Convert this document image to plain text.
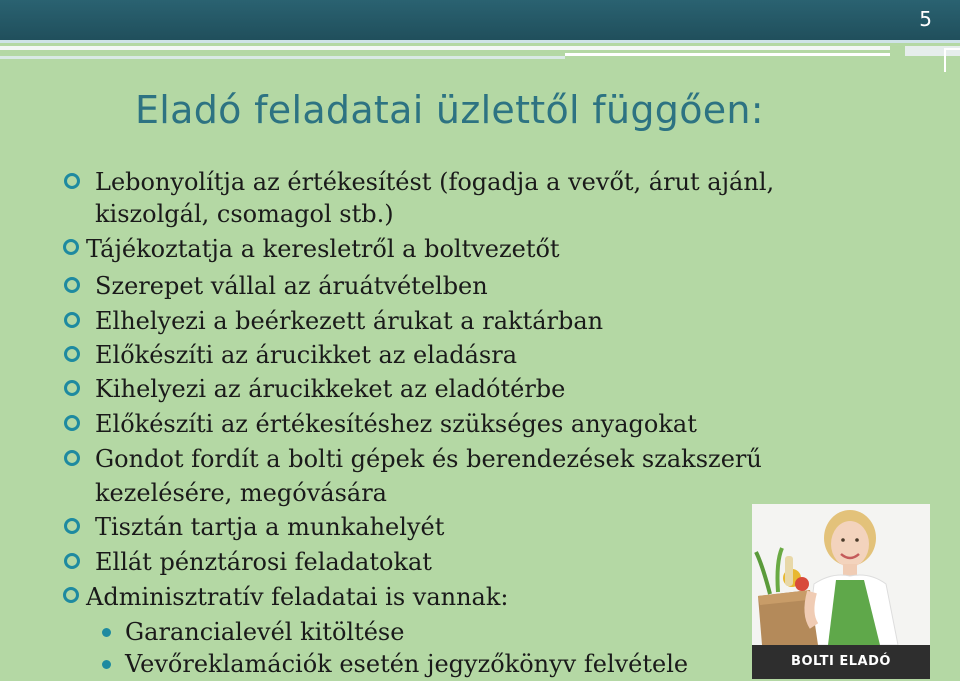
5
Eladó feladatai üzlettől függően:
Lebonyolítja az értékesítést (fogadja a vevőt, árut ajánl,
kiszolgál, csomagol stb.)
Tájékoztatja a keresletről a boltvezetőt
Szerepet vállal az áruátvételben
Elhelyezi a beérkezett árukat a raktárban
Előkészíti az árucikket az eladásra
Kihelyezi az árucikkeket az eladótérbe
Előkészíti az értékesítéshez szükséges anyagokat
Gondot fordít a bolti gépek és berendezések szakszerű
kezelésére, megóvására
Tisztán tartja a munkahelyét
Ellát pénztárosi feladatokat
Adminisztratív feladatai is vannak:
Garancialevél kitöltése
Vevőreklamációk esetén jegyzőkönyv felvétele	BOLTI ELADÓ
